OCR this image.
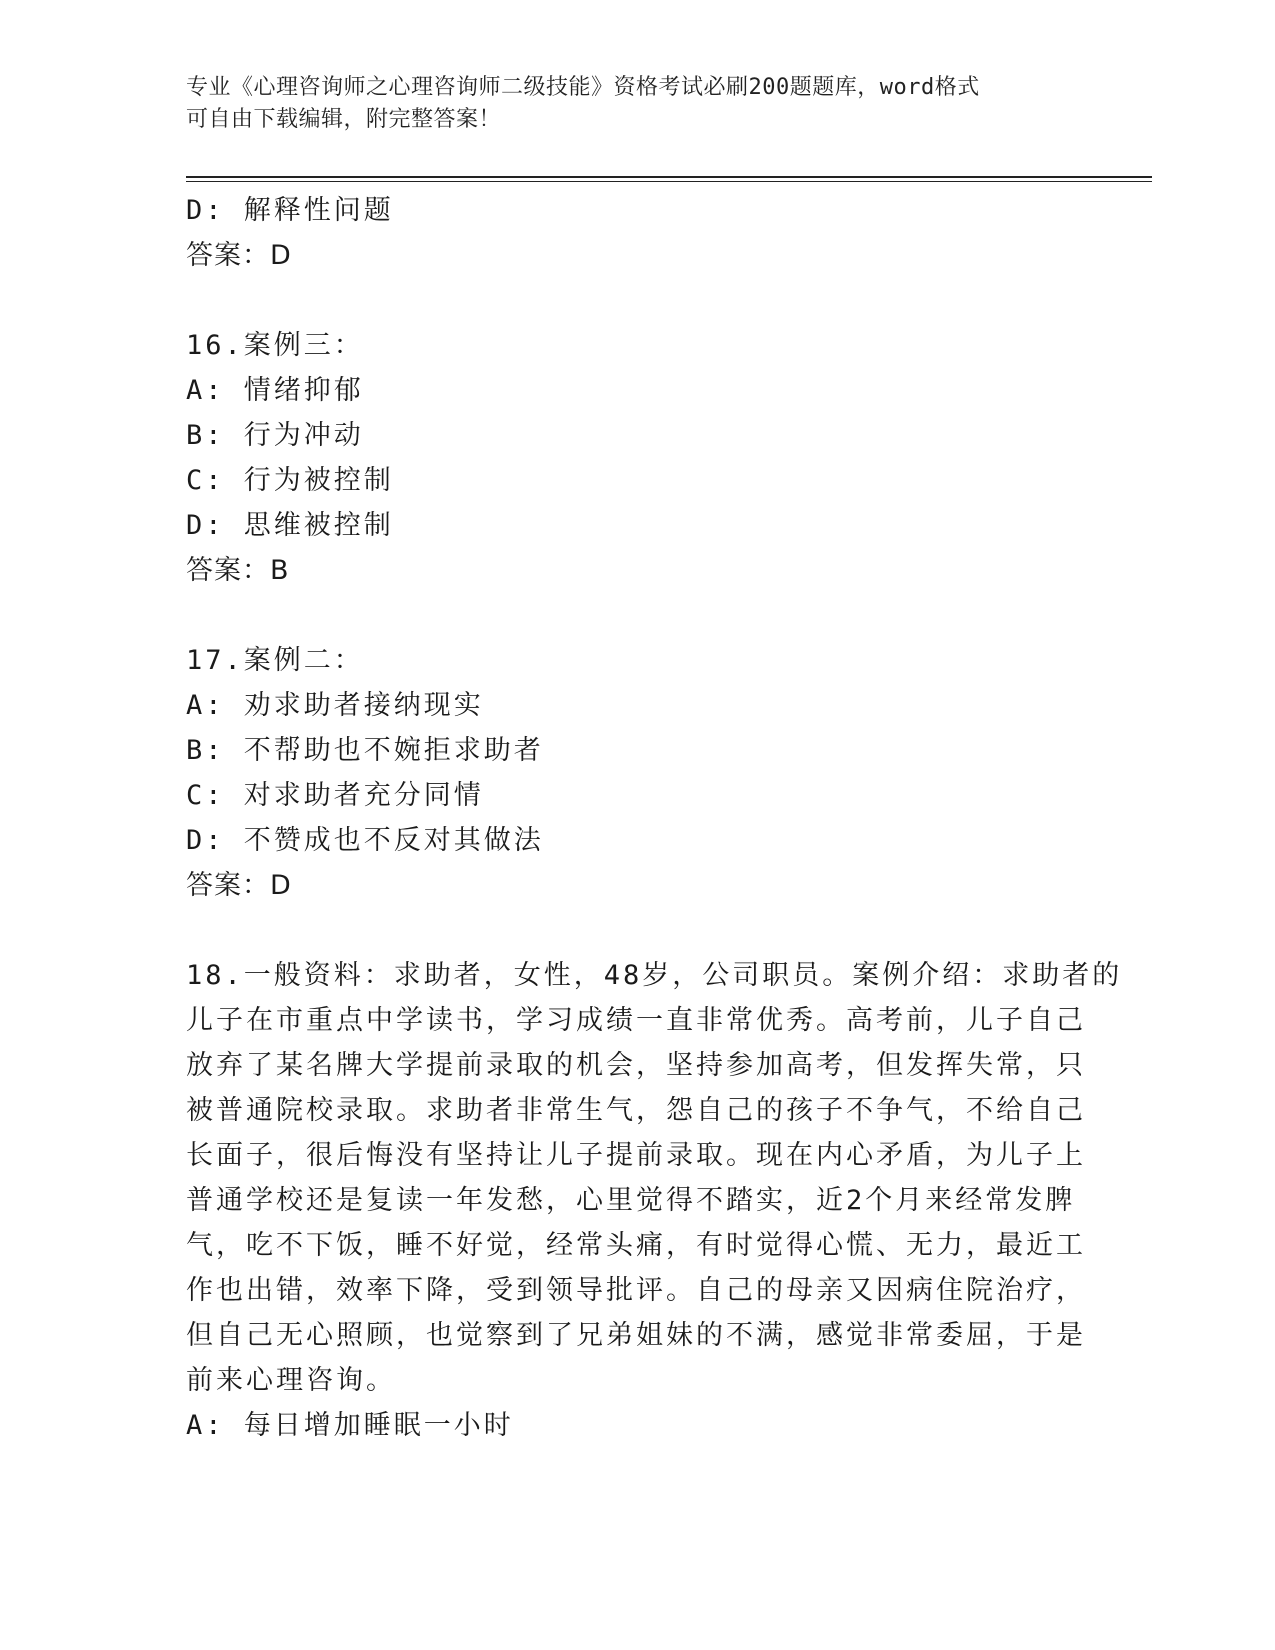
专业《心理咨询师之心理咨询师二级技能》资格考试必刷200题题库，word格式
可自由下载编辑，附完整答案！
D: 解释性问题
答案：D
16.案例三：
A: 情绪抑郁
B: 行为冲动
C: 行为被控制
D: 思维被控制
答案：B
17.案例二：
A: 劝求助者接纳现实
B: 不帮助也不婉拒求助者
C: 对求助者充分同情
D: 不赞成也不反对其做法
答案：D
18.一般资料：求助者，女性，48岁，公司职员。案例介绍：求助者的
儿子在市重点中学读书，学习成绩一直非常优秀。高考前，儿子自己
放弃了某名牌大学提前录取的机会，坚持参加高考，但发挥失常，只
被普通院校录取。求助者非常生气，怨自己的孩子不争气，不给自己
长面子，很后悔没有坚持让儿子提前录取。现在内心矛盾，为儿子上
普通学校还是复读一年发愁，心里觉得不踏实，近2个月来经常发脾
气，吃不下饭，睡不好觉，经常头痛，有时觉得心慌、无力，最近工
作也出错，效率下降，受到领导批评。自己的母亲又因病住院治疗，
但自己无心照顾，也觉察到了兄弟姐妹的不满，感觉非常委屈，于是
前来心理咨询。
A: 每日增加睡眠一小时
